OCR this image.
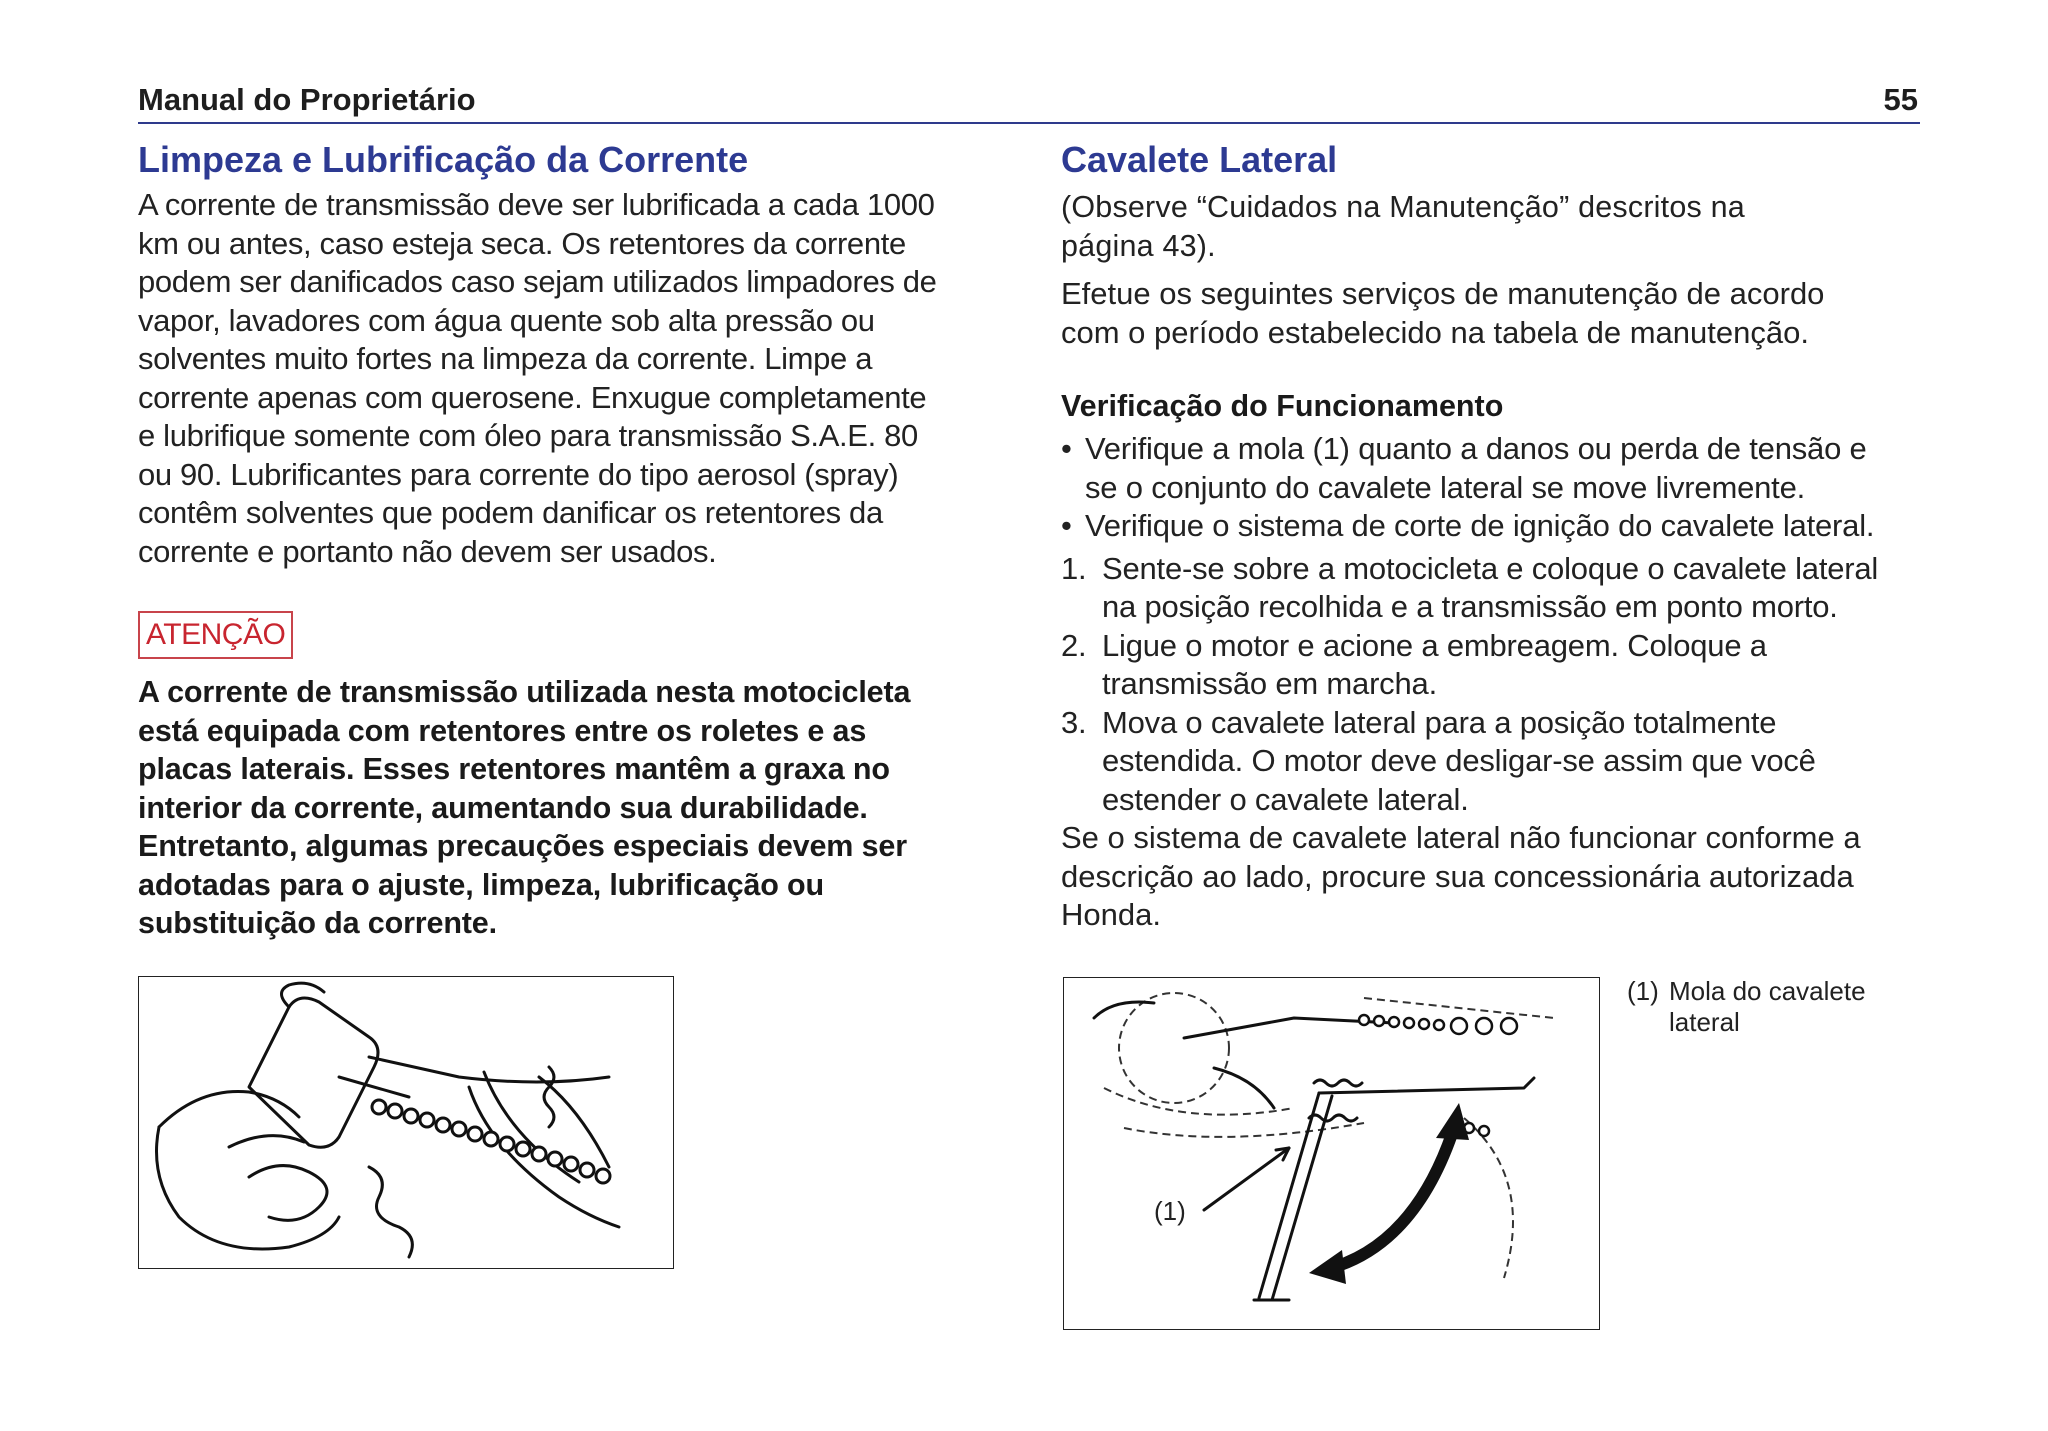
Manual do Proprietário	55
Limpeza e Lubrificação da Corrente

A corrente de transmissão deve ser lubrificada a cada 1000

km ou antes, caso esteja seca. Os retentores da corrente

podem ser danificados caso sejam utilizados limpadores de

vapor, lavadores com água quente sob alta pressão ou

solventes muito fortes na limpeza da corrente. Limpe a

corrente apenas com querosene. Enxugue completamente

e lubrifique somente com óleo para transmissão S.A.E. 80

ou 90. Lubrificantes para corrente do tipo aerosol (spray)

contêm solventes que podem danificar os retentores da

corrente e portanto não devem ser usados.

ATENÇÃO

A corrente de transmissão utilizada nesta motocicleta

está equipada com retentores entre os roletes e as

placas laterais. Esses retentores mantêm a graxa no

interior da corrente, aumentando sua durabilidade.

Entretanto, algumas precauções especiais devem ser

adotadas para o ajuste, limpeza, lubrificação ou

substituição da corrente.

Cavalete Lateral

(Observe “Cuidados na Manutenção” descritos na

página 43).

Efetue os seguintes serviços de manutenção de acordo

com o período estabelecido na tabela de manutenção.

Verificação do Funcionamento
• Verifique a mola (1) quanto a danos ou perda de tensão e
se o conjunto do cavalete lateral se move livremente.
• Verifique o sistema de corte de ignição do cavalete lateral.
1. Sente-se sobre a motocicleta e coloque o cavalete lateral
na posição recolhida e a transmissão em ponto morto.
2. Ligue o motor e acione a embreagem. Coloque a
transmissão em marcha.
3. Mova o cavalete lateral para a posição totalmente
estendida. O motor deve desligar-se assim que você
estender o cavalete lateral.

Se o sistema de cavalete lateral não funcionar conforme a

descrição ao lado, procure sua concessionária autorizada

Honda.

(1)
(1) Mola do cavalete
lateral
